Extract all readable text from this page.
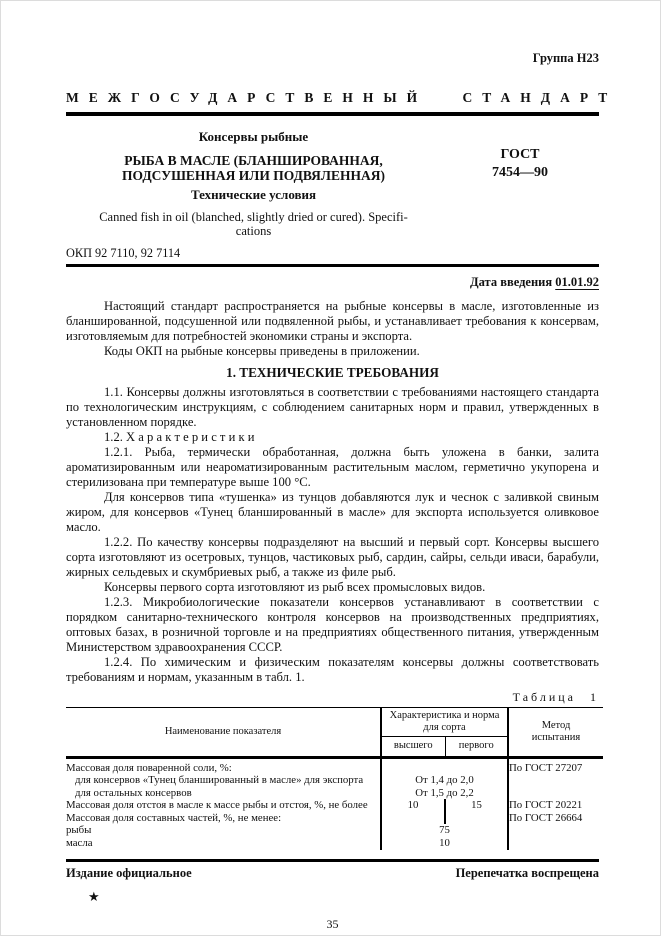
Группа Н23
МЕЖГОСУДАРСТВЕННЫЙ СТАНДАРТ
Консервы рыбные
РЫБА В МАСЛЕ (БЛАНШИРОВАННАЯ,
ПОДСУШЕННАЯ ИЛИ ПОДВЯЛЕННАЯ)
Технические условия
Canned fish in oil (blanched, slightly dried or cured). Specifi-
cations
ГОСТ
7454—90
ОКП 92 7110, 92 7114
Дата введения 01.01.92

Настоящий стандарт распространяется на рыбные консервы в масле, изготовленные из бланшированной, подсушенной или подвяленной рыбы, и устанавливает требования к консервам, изготовляемым для потребностей экономики страны и экспорта.

Коды ОКП на рыбные консервы приведены в приложении.

1. ТЕХНИЧЕСКИЕ ТРЕБОВАНИЯ

1.1. Консервы должны изготовляться в соответствии с требованиями настоящего стандарта по технологическим инструкциям, с соблюдением санитарных норм и правил, утвержденных в установленном порядке.

1.2. Х а р а к т е р и с т и к и

1.2.1. Рыба, термически обработанная, должна быть уложена в банки, залита ароматизированным или неароматизированным растительным маслом, герметично укупорена и стерилизована при температуре выше 100 °С.

Для консервов типа «тушенка» из тунцов добавляются лук и чеснок с заливкой свиным жиром, для консервов «Тунец бланшированный в масле» для экспорта используется оливковое масло.

1.2.2. По качеству консервы подразделяют на высший и первый сорт. Консервы высшего сорта изготовляют из осетровых, тунцов, частиковых рыб, сардин, сайры, сельди иваси, барабули, жирных сельдевых и скумбриевых рыб, а также из филе рыб.

Консервы первого сорта изготовляют из рыб всех промысловых видов.

1.2.3. Микробиологические показатели консервов устанавливают в соответствии с порядком санитарно-технического контроля консервов на производственных предприятиях, оптовых базах, в розничной торговле и на предприятиях общественного питания, утвержденным Министерством здравоохранения СССР.

1.2.4. По химическим и физическим показателям консервы должны соответствовать требованиям и нормам, указанным в табл. 1.

Таблица 1
Наименование показателя	Характеристика и норма для сорта		Метод испытания
	высшего	первого	
Массовая доля поваренной соли, %:			По ГОСТ 27207
для консервов «Тунец бланшированный в масле» для экспорта	От 1,4 до 2,0		
для остальных консервов	От 1,5 до 2,2		
Массовая доля отстоя в масле к массе рыбы и отстоя, %, не более	10	15	По ГОСТ 20221
Массовая доля составных частей, %, не менее:			По ГОСТ 26664
рыбы	75		
масла	10		
Издание официальное	Перепечатка воспрещена
★
35
